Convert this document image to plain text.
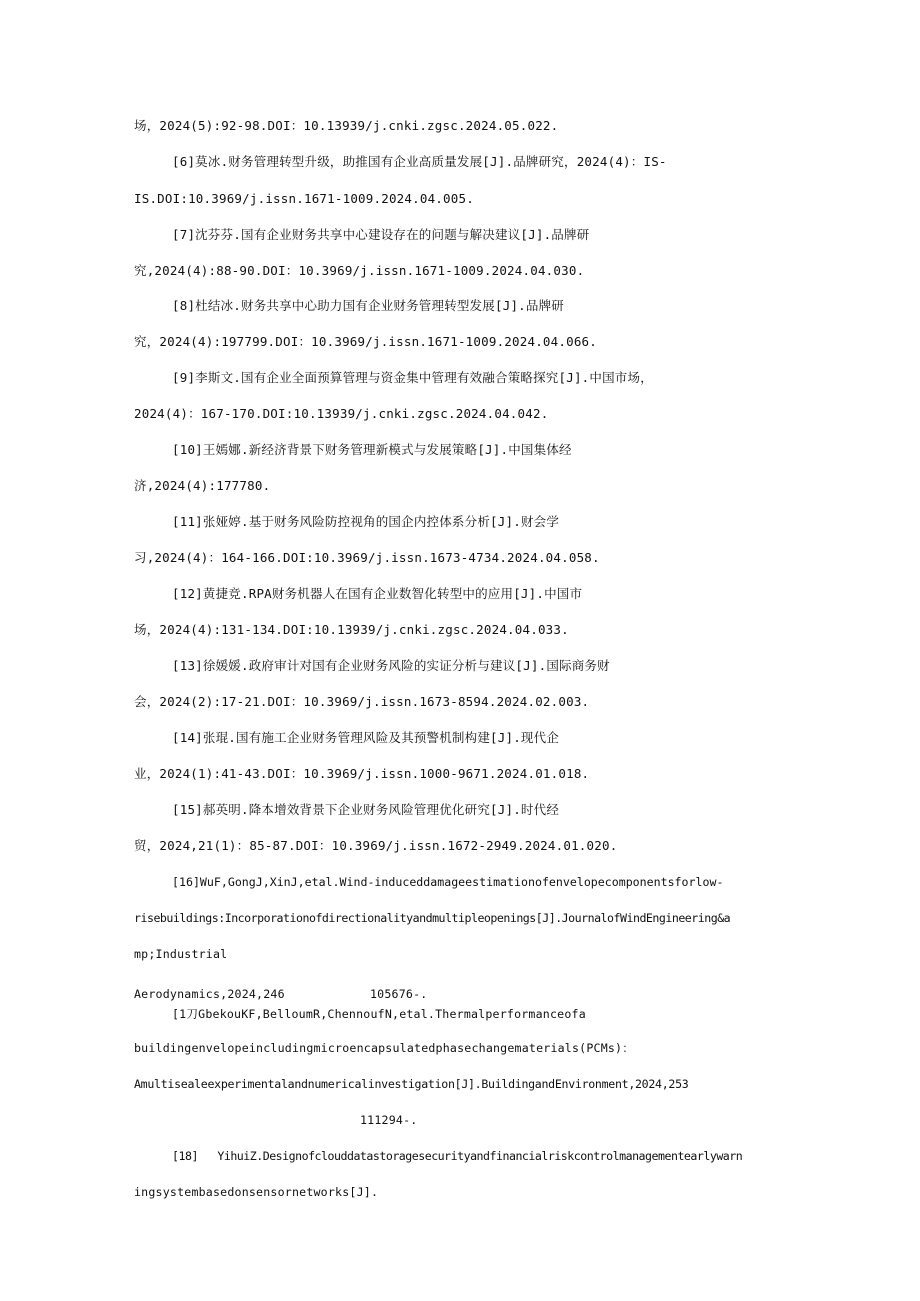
场，2024(5):92-98.DOI：10.13939/j.cnki.zgsc.2024.05.022.
[6]莫冰.财务管理转型升级，助推国有企业高质量发展[J].品牌研究，2024(4)：IS-
IS.DOI:10.3969/j.issn.1671-1009.2024.04.005.
[7]沈芬芬.国有企业财务共享中心建设存在的问题与解决建议[J].品牌研
究,2024(4):88-90.DOI：10.3969/j.issn.1671-1009.2024.04.030.
[8]杜结冰.财务共享中心助力国有企业财务管理转型发展[J].品牌研
究，2024(4):197799.DOI：10.3969/j.issn.1671-1009.2024.04.066.
[9]李斯文.国有企业全面预算管理与资金集中管理有效融合策略探究[J].中国市场，
2024(4)：167-170.DOI:10.13939/j.cnki.zgsc.2024.04.042.
[10]王嫣娜.新经济背景下财务管理新模式与发展策略[J].中国集体经
济,2024(4):177780.
[11]张娅婷.基于财务风险防控视角的国企内控体系分析[J].财会学
习,2024(4)：164-166.DOI:10.3969/j.issn.1673-4734.2024.04.058.
[12]黄捷竞.RPA财务机器人在国有企业数智化转型中的应用[J].中国市
场，2024(4):131-134.DOI:10.13939/j.cnki.zgsc.2024.04.033.
[13]徐媛媛.政府审计对国有企业财务风险的实证分析与建议[J].国际商务财
会，2024(2):17-21.DOI：10.3969/j.issn.1673-8594.2024.02.003.
[14]张琨.国有施工企业财务管理风险及其预警机制构建[J].现代企
业，2024(1):41-43.DOI：10.3969/j.issn.1000-9671.2024.01.018.
[15]郝英明.降本增效背景下企业财务风险管理优化研究[J].时代经
贸，2024,21(1)：85-87.DOI：10.3969/j.issn.1672-2949.2024.01.020.
[16]WuF,GongJ,XinJ,etal.Wind-induceddamageestimationofenvelopecomponentsforlow-
risebuildings:Incorporationofdirectionalityandmultipleopenings[J].JournalofWindEngineering&a
mp;Industrial
Aerodynamics,2024,246	105676-.
[1刀GbekouKF,BelloumR,ChennoufN,etal.Thermalperformanceofa
buildingenvelopeincludingmicroencapsulatedphasechangematerials(PCMs)：
Amultisealeexperimentalandnumericalinvestigation[J].BuildingandEnvironment,2024,253
111294-.
[18]   YihuiZ.Designofclouddatastoragesecurityandfinancialriskcontrolmanagementearlywarn
ingsystembasedonsensornetworks[J].
